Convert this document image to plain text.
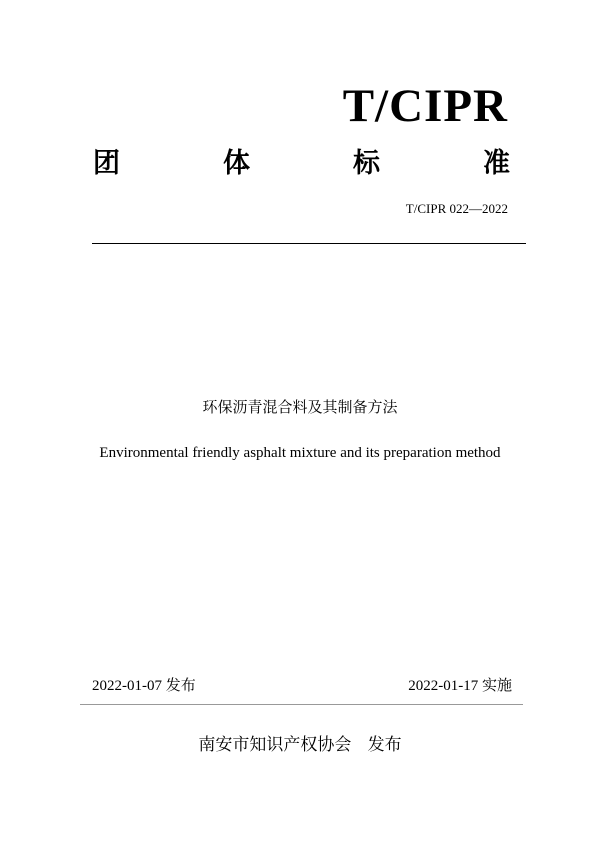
T/CIPR
团	体	标	准
T/CIPR 022—2022
环保沥青混合料及其制备方法
Environmental friendly asphalt mixture and its preparation method
2022-01-07 发布	2022-01-17 实施
南安市知识产权协会   发布
